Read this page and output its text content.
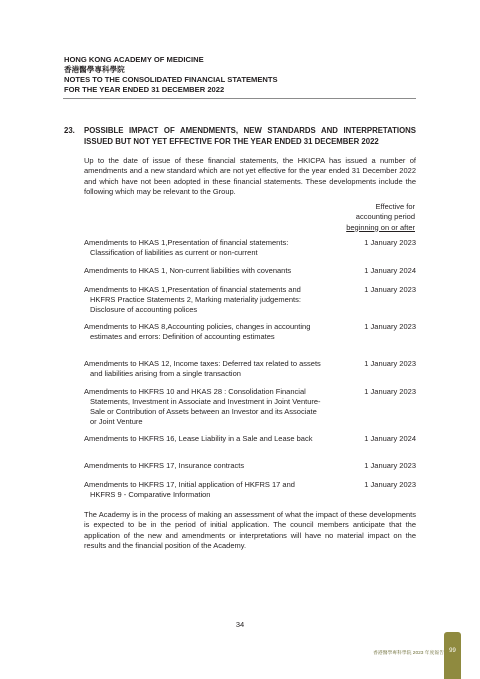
HONG KONG ACADEMY OF MEDICINE
香港醫學專科學院
NOTES TO THE CONSOLIDATED FINANCIAL STATEMENTS
FOR THE YEAR ENDED 31 DECEMBER 2022
23. POSSIBLE IMPACT OF AMENDMENTS, NEW STANDARDS AND INTERPRETATIONS ISSUED BUT NOT YET EFFECTIVE FOR THE YEAR ENDED 31 DECEMBER 2022
Up to the date of issue of these financial statements, the HKICPA has issued a number of amendments and a new standard which are not yet effective for the year ended 31 December 2022 and which have not been adopted in these financial statements. These developments include the following which may be relevant to the Group.
Effective for
accounting period
beginning on or after
Amendments to HKAS 1,Presentation of financial statements: Classification of liabilities as current or non-current
1 January 2023
Amendments to HKAS 1, Non-current liabilities with covenants	1 January 2024
Amendments to HKAS 1,Presentation of financial statements and HKFRS Practice Statements 2, Marking materiality judgements: Disclosure of accounting polices
1 January 2023
Amendments to HKAS 8,Accounting policies, changes in accounting estimates and errors: Definition of accounting estimates
1 January 2023
Amendments to HKAS 12, Income taxes: Deferred tax related to assets and liabilities arising from a single transaction
1 January 2023
Amendments to HKFRS 10 and HKAS 28 : Consolidation Financial Statements, Investment in Associate and Investment in Joint Venture- Sale or Contribution of Assets between an Investor and its Associate or Joint Venture
1 January 2023
Amendments to HKFRS 16, Lease Liability in a Sale and Lease back	1 January 2024
Amendments to HKFRS 17, Insurance contracts	1 January 2023
Amendments to HKFRS 17, Initial application of HKFRS 17 and HKFRS 9 - Comparative Information
1 January 2023
The Academy is in the process of making an assessment of what the impact of these developments is expected to be in the period of initial application. The council members anticipate that the application of the new and amendments or interpretations will have no material impact on the results and the financial position of the Academy.
34
香港醫學專科學院 2023 年度報告 99
